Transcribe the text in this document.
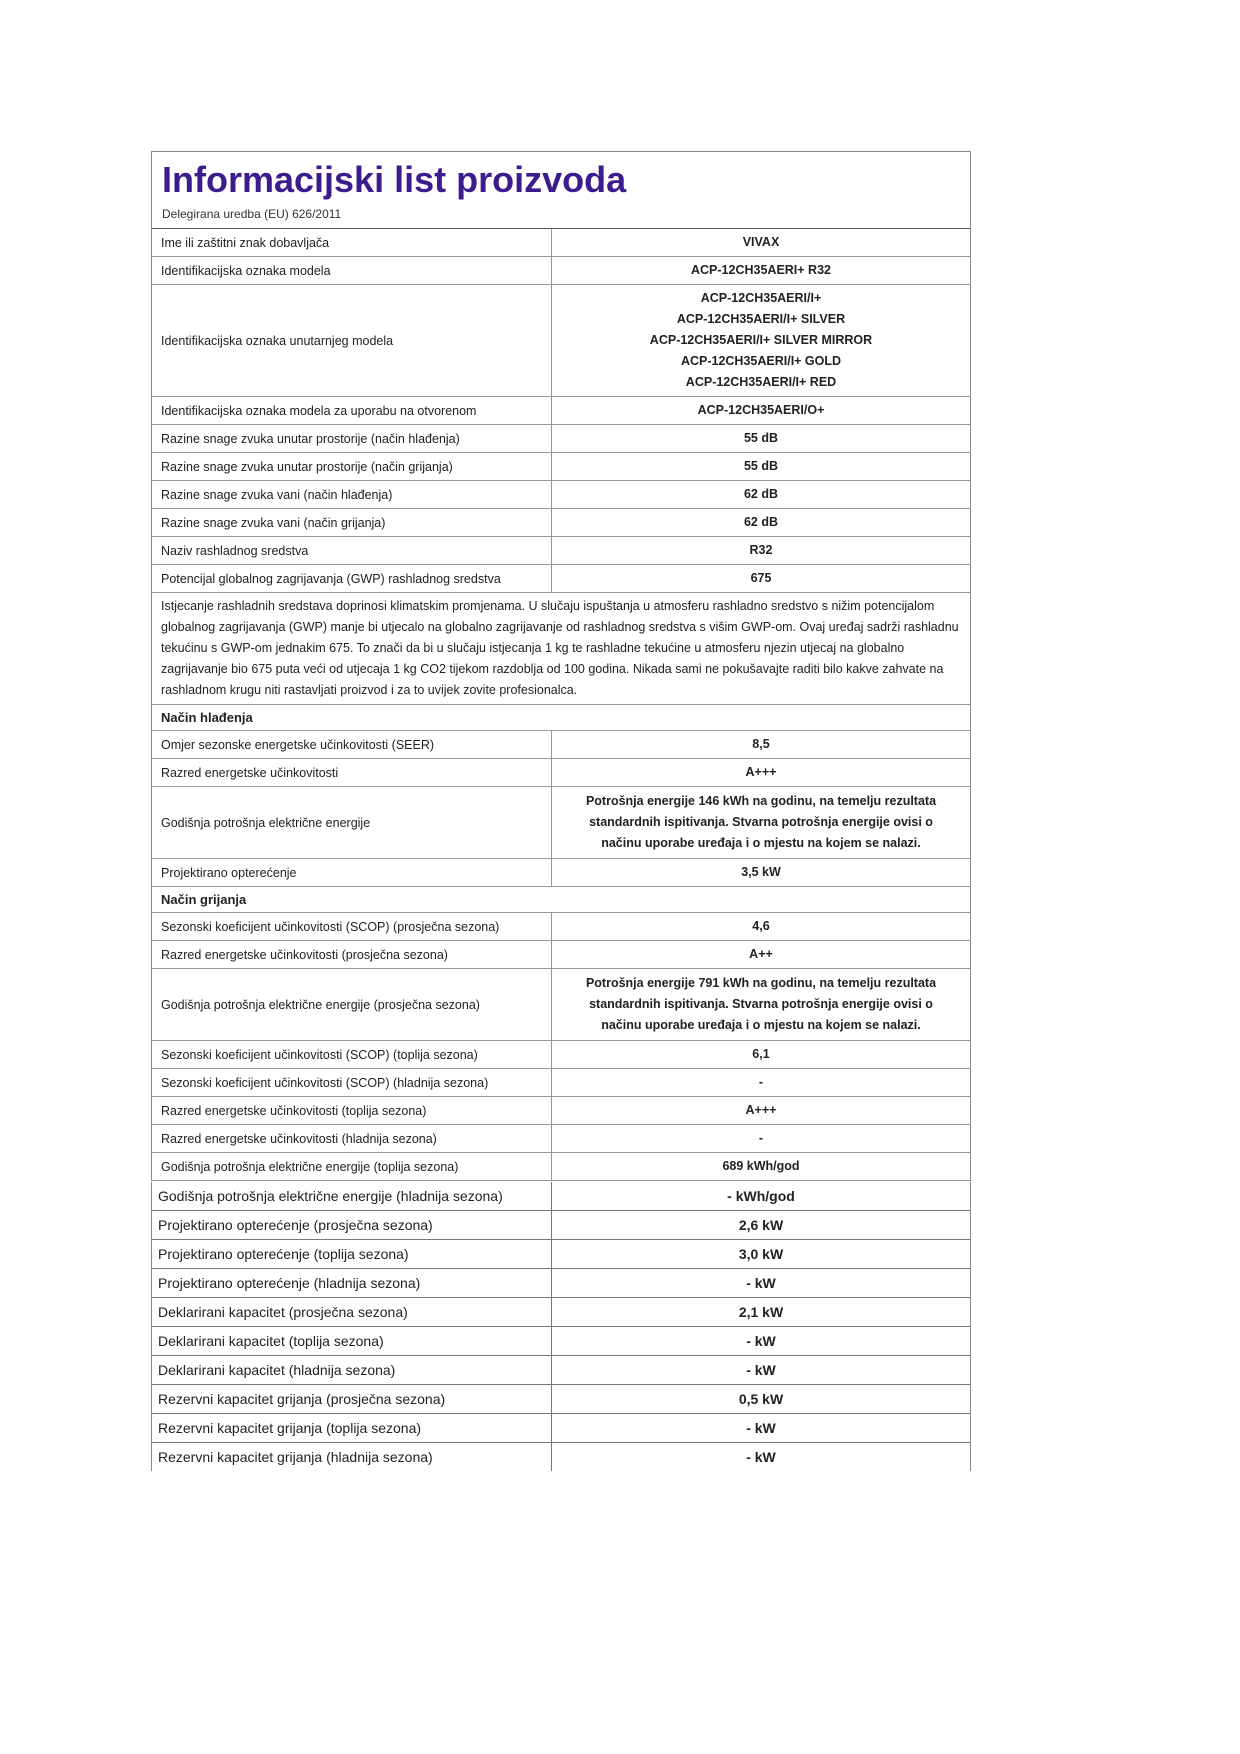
Informacijski list proizvoda
Delegirana uredba (EU) 626/2011
Ime ili zaštitni znak dobavljača	VIVAX
Identifikacijska oznaka modela	ACP-12CH35AERI+ R32
Identifikacijska oznaka unutarnjeg modela
ACP-12CH35AERI/I+
ACP-12CH35AERI/I+ SILVER
ACP-12CH35AERI/I+ SILVER MIRROR
ACP-12CH35AERI/I+ GOLD
ACP-12CH35AERI/I+ RED
Identifikacijska oznaka modela za uporabu na otvorenom	ACP-12CH35AERI/O+
Razine snage zvuka unutar prostorije (način hlađenja)	55 dB
Razine snage zvuka unutar prostorije (način grijanja)	55 dB
Razine snage zvuka vani (način hlađenja)	62 dB
Razine snage zvuka vani (način grijanja)	62 dB
Naziv rashladnog sredstva	R32
Potencijal globalnog zagrijavanja (GWP) rashladnog sredstva	675
Istjecanje rashladnih sredstava doprinosi klimatskim promjenama. U slučaju ispuštanja u atmosferu rashladno sredstvo s nižim potencijalom globalnog zagrijavanja (GWP) manje bi utjecalo na globalno zagrijavanje od rashladnog sredstva s višim GWP-om. Ovaj uređaj sadrži rashladnu tekućinu s GWP-om jednakim 675. To znači da bi u slučaju istjecanja 1 kg te rashladne tekućine u atmosferu njezin utjecaj na globalno zagrijavanje bio 675 puta veći od utjecaja 1 kg CO2 tijekom razdoblja od 100 godina. Nikada sami ne pokušavajte raditi bilo kakve zahvate na rashladnom krugu niti rastavljati proizvod i za to uvijek zovite profesionalca.
Način hlađenja
Omjer sezonske energetske učinkovitosti (SEER)	8,5
Razred energetske učinkovitosti	A+++
Godišnja potrošnja električne energije
Potrošnja energije 146 kWh na godinu, na temelju rezultata standardnih ispitivanja. Stvarna potrošnja energije ovisi o načinu uporabe uređaja i o mjestu na kojem se nalazi.
Projektirano opterećenje	3,5 kW
Način grijanja
Sezonski koeficijent učinkovitosti (SCOP) (prosječna sezona)	4,6
Razred energetske učinkovitosti (prosječna sezona)	A++
Godišnja potrošnja električne energije (prosječna sezona)
Potrošnja energije 791 kWh na godinu, na temelju rezultata standardnih ispitivanja. Stvarna potrošnja energije ovisi o načinu uporabe uređaja i o mjestu na kojem se nalazi.
Sezonski koeficijent učinkovitosti (SCOP) (toplija sezona)	6,1
Sezonski koeficijent učinkovitosti (SCOP) (hladnija sezona)	-
Razred energetske učinkovitosti (toplija sezona)	A+++
Razred energetske učinkovitosti (hladnija sezona)	-
Godišnja potrošnja električne energije (toplija sezona)	689 kWh/god
Godišnja potrošnja električne energije (hladnija sezona)	- kWh/god
Projektirano opterećenje (prosječna sezona)	2,6 kW
Projektirano opterećenje (toplija sezona)	3,0 kW
Projektirano opterećenje (hladnija sezona)	- kW
Deklarirani kapacitet (prosječna sezona)	2,1 kW
Deklarirani kapacitet (toplija sezona)	- kW
Deklarirani kapacitet (hladnija sezona)	- kW
Rezervni kapacitet grijanja (prosječna sezona)	0,5 kW
Rezervni kapacitet grijanja (toplija sezona)	- kW
Rezervni kapacitet grijanja (hladnija sezona)	- kW
